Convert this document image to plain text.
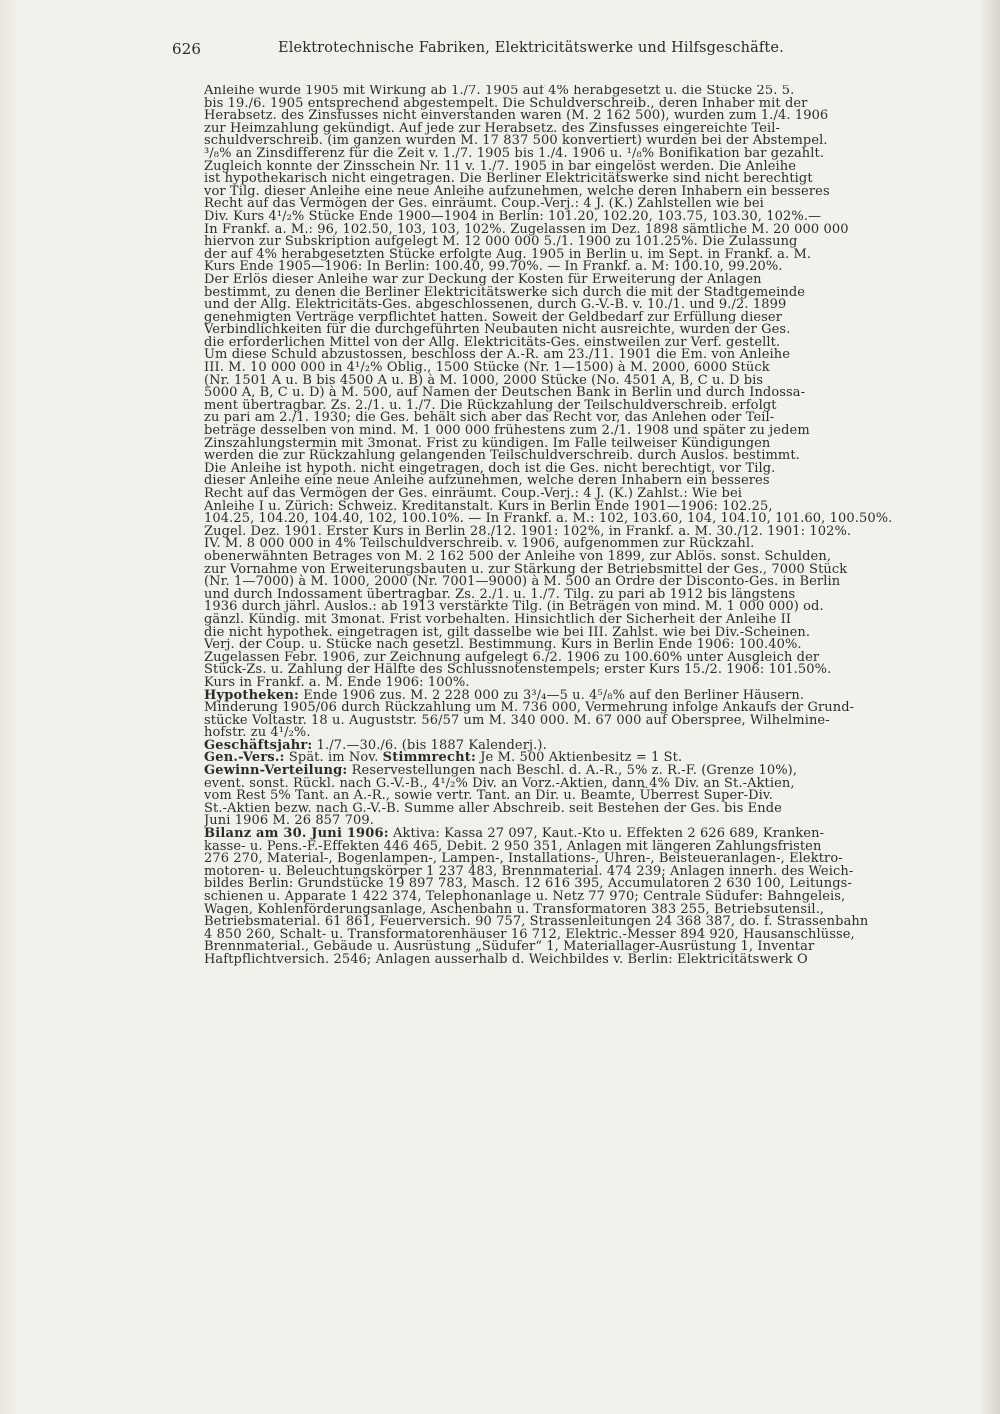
626	Elektrotechnische Fabriken, Elektricitätswerke und Hilfsgeschäfte.

Anleihe wurde 1905 mit Wirkung ab 1./7. 1905 auf 4% herabgesetzt u. die Stücke 25. 5.

bis 19./6. 1905 entsprechend abgestempelt. Die Schuldverschreib., deren Inhaber mit der

Herabsetz. des Zinsfusses nicht einverstanden waren (M. 2 162 500), wurden zum 1./4. 1906

zur Heimzahlung gekündigt. Auf jede zur Herabsetz. des Zinsfusses eingereichte Teil-

schuldverschreib. (im ganzen wurden M. 17 837 500 konvertiert) wurden bei der Abstempel.

³/₈% an Zinsdifferenz für die Zeit v. 1./7. 1905 bis 1./4. 1906 u. ¹/₈% Bonifikation bar gezahlt.

Zugleich konnte der Zinsschein Nr. 11 v. 1./7. 1905 in bar eingelöst werden. Die Anleihe

ist hypothekarisch nicht eingetragen. Die Berliner Elektricitätswerke sind nicht berechtigt

vor Tilg. dieser Anleihe eine neue Anleihe aufzunehmen, welche deren Inhabern ein besseres

Recht auf das Vermögen der Ges. einräumt. Coup.-Verj.: 4 J. (K.) Zahlstellen wie bei

Div. Kurs 4¹/₂% Stücke Ende 1900—1904 in Berlin: 101.20, 102.20, 103.75, 103.30, 102%.—

In Frankf. a. M.: 96, 102.50, 103, 103, 102%. Zugelassen im Dez. 1898 sämtliche M. 20 000 000

hiervon zur Subskription aufgelegt M. 12 000 000 5./1. 1900 zu 101.25%. Die Zulassung

der auf 4% herabgesetzten Stücke erfolgte Aug. 1905 in Berlin u. im Sept. in Frankf. a. M.

Kurs Ende 1905—1906: In Berlin: 100.40, 99.70%. — In Frankf. a. M: 100.10, 99.20%.

Der Erlös dieser Anleihe war zur Deckung der Kosten für Erweiterung der Anlagen

bestimmt, zu denen die Berliner Elektricitätswerke sich durch die mit der Stadtgemeinde

und der Allg. Elektricitäts-Ges. abgeschlossenen, durch G.-V.-B. v. 10./1. und 9./2. 1899

genehmigten Verträge verpflichtet hatten. Soweit der Geldbedarf zur Erfüllung dieser

Verbindlichkeiten für die durchgeführten Neubauten nicht ausreichte, wurden der Ges.

die erforderlichen Mittel von der Allg. Elektricitäts-Ges. einstweilen zur Verf. gestellt.

Um diese Schuld abzustossen, beschloss der A.-R. am 23./11. 1901 die Em. von Anleihe

III. M. 10 000 000 in 4¹/₂% Oblig., 1500 Stücke (Nr. 1—1500) à M. 2000, 6000 Stück

(Nr. 1501 A u. B bis 4500 A u. B) à M. 1000, 2000 Stücke (No. 4501 A, B, C u. D bis

5000 A, B, C u. D) à M. 500, auf Namen der Deutschen Bank in Berlin und durch Indossa-

ment übertragbar. Zs. 2./1. u. 1./7. Die Rückzahlung der Teilschuldverschreib. erfolgt

zu pari am 2./1. 1930; die Ges. behält sich aber das Recht vor, das Anlehen oder Teil-

beträge desselben von mind. M. 1 000 000 frühestens zum 2./1. 1908 und später zu jedem

Zinszahlungstermin mit 3monat. Frist zu kündigen. Im Falle teilweiser Kündigungen

werden die zur Rückzahlung gelangenden Teilschuldverschreib. durch Auslos. bestimmt.

Die Anleihe ist hypoth. nicht eingetragen, doch ist die Ges. nicht berechtigt, vor Tilg.

dieser Anleihe eine neue Anleihe aufzunehmen, welche deren Inhabern ein besseres

Recht auf das Vermögen der Ges. einräumt. Coup.-Verj.: 4 J. (K.) Zahlst.: Wie bei

Anleihe I u. Zürich: Schweiz. Kreditanstalt. Kurs in Berlin Ende 1901—1906: 102.25,

104.25, 104.20, 104.40, 102, 100.10%. — In Frankf. a. M.: 102, 103.60, 104, 104.10, 101.60, 100.50%.

Zugel. Dez. 1901. Erster Kurs in Berlin 28./12. 1901: 102%, in Frankf. a. M. 30./12. 1901: 102%.

IV. M. 8 000 000 in 4% Teilschuldverschreib. v. 1906, aufgenommen zur Rückzahl.

obenerwähnten Betrages von M. 2 162 500 der Anleihe von 1899, zur Ablös. sonst. Schulden,

zur Vornahme von Erweiterungsbauten u. zur Stärkung der Betriebsmittel der Ges., 7000 Stück

(Nr. 1—7000) à M. 1000, 2000 (Nr. 7001—9000) à M. 500 an Ordre der Disconto-Ges. in Berlin

und durch Indossament übertragbar. Zs. 2./1. u. 1./7. Tilg. zu pari ab 1912 bis längstens

1936 durch jährl. Auslos.: ab 1913 verstärkte Tilg. (in Beträgen von mind. M. 1 000 000) od.

gänzl. Kündig. mit 3monat. Frist vorbehalten. Hinsichtlich der Sicherheit der Anleihe II

die nicht hypothek. eingetragen ist, gilt dasselbe wie bei III. Zahlst. wie bei Div.-Scheinen.

Verj. der Coup. u. Stücke nach gesetzl. Bestimmung. Kurs in Berlin Ende 1906: 100.40%.

Zugelassen Febr. 1906, zur Zeichnung aufgelegt 6./2. 1906 zu 100.60% unter Ausgleich der

Stück-Zs. u. Zahlung der Hälfte des Schlussnotenstempels; erster Kurs 15./2. 1906: 101.50%.

Kurs in Frankf. a. M. Ende 1906: 100%.

Hypotheken: Ende 1906 zus. M. 2 228 000 zu 3³/₄—5 u. 4⁵/₈% auf den Berliner Häusern.

Minderung 1905/06 durch Rückzahlung um M. 736 000, Vermehrung infolge Ankaufs der Grund-

stücke Voltastr. 18 u. Auguststr. 56/57 um M. 340 000. M. 67 000 auf Oberspree, Wilhelmine-

hofstr. zu 4¹/₂%.

Geschäftsjahr: 1./7.—30./6. (bis 1887 Kalenderj.).

Gen.-Vers.: Spät. im Nov. Stimmrecht: Je M. 500 Aktienbesitz = 1 St.

Gewinn-Verteilung: Reservestellungen nach Beschl. d. A.-R., 5% z. R.-F. (Grenze 10%),

event. sonst. Rückl. nach G.-V.-B., 4¹/₂% Div. an Vorz.-Aktien, dann 4% Div. an St.-Aktien,

vom Rest 5% Tant. an A.-R., sowie vertr. Tant. an Dir. u. Beamte, Überrest Super-Div.

St.-Aktien bezw. nach G.-V.-B. Summe aller Abschreib. seit Bestehen der Ges. bis Ende

Juni 1906 M. 26 857 709.

Bilanz am 30. Juni 1906: Aktiva: Kassa 27 097, Kaut.-Kto u. Effekten 2 626 689, Kranken-

kasse- u. Pens.-F.-Effekten 446 465, Debit. 2 950 351, Anlagen mit längeren Zahlungsfristen

276 270, Material-, Bogenlampen-, Lampen-, Installations-, Uhren-, Beisteueranlagen-, Elektro-

motoren- u. Beleuchtungskörper 1 237 483, Brennmaterial. 474 239; Anlagen innerh. des Weich-

bildes Berlin: Grundstücke 19 897 783, Masch. 12 616 395, Accumulatoren 2 630 100, Leitungs-

schienen u. Apparate 1 422 374, Telephonanlage u. Netz 77 970; Centrale Südufer: Bahngeleis,

Wagen, Kohlenförderungsanlage, Aschenbahn u. Transformatoren 383 255, Betriebsutensil.,

Betriebsmaterial. 61 861, Feuerversich. 90 757, Strassenleitungen 24 368 387, do. f. Strassenbahn

4 850 260, Schalt- u. Transformatorenhäuser 16 712, Elektric.-Messer 894 920, Hausanschlüsse,

Brennmaterial., Gebäude u. Ausrüstung „Südufer“ 1, Materiallager-Ausrüstung 1, Inventar

Haftpflichtversich. 2546; Anlagen ausserhalb d. Weichbildes v. Berlin: Elektricitätswerk O
